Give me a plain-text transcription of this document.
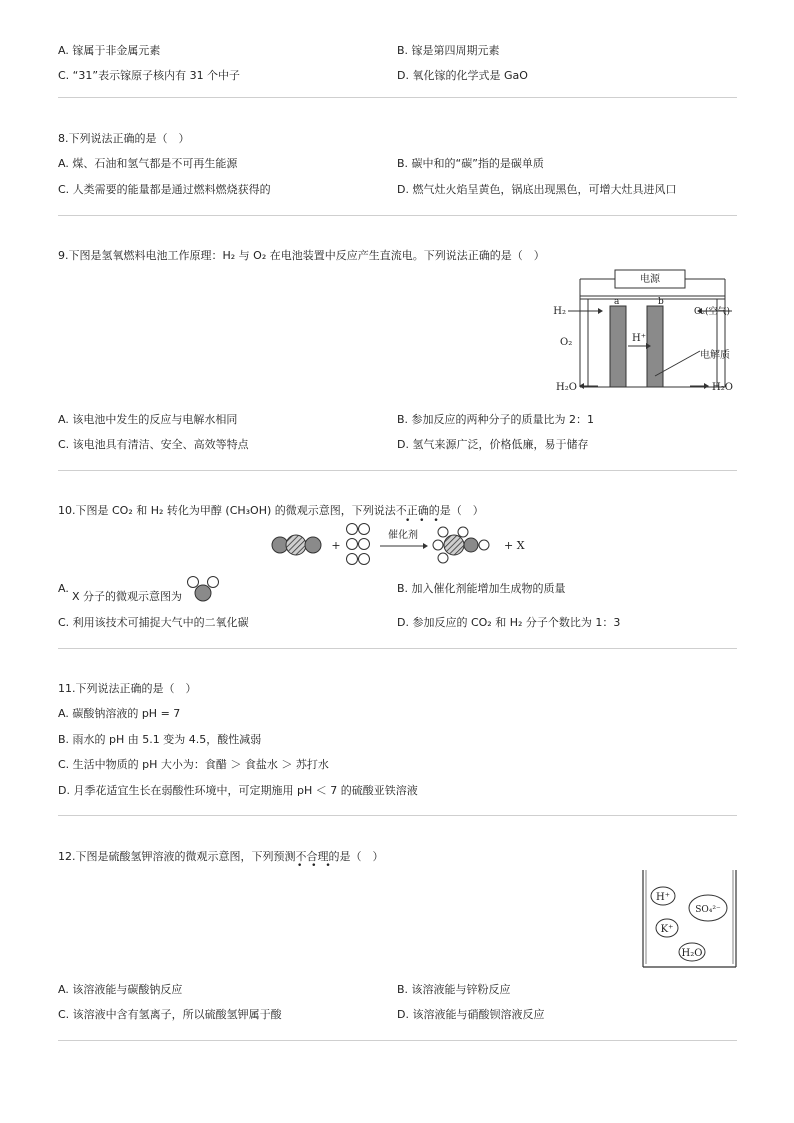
A. 镓属于非金属元素	B. 镓是第四周期元素
C. “31”表示镓原子核内有 31 个中子	D. 氧化镓的化学式是 GaO
8.下列说法正确的是（　）
A. 煤、石油和氢气都是不可再生能源	B. 碳中和的“碳”指的是碳单质
C. 人类需要的能量都是通过燃料燃烧获得的	D. 燃气灶火焰呈黄色，锅底出现黑色，可增大灶具进风口
9.下图是氢氧燃料电池工作原理：H₂ 与 O₂ 在电池装置中反应产生直流电。下列说法正确的是（　）
电源
a	b
H₂
O₂	H⁺
O₂(空气)
电解质
H₂O	H₂O
A. 该电池中发生的反应与电解水相同	B. 参加反应的两种分子的质量比为 2：1
C. 该电池具有清洁、安全、高效等特点	D. 氢气来源广泛，价格低廉，易于储存
10.下图是 CO₂ 和 H₂ 转化为甲醇 (CH₃OH) 的微观示意图，下列说法不正确的是（　）
• • •
+
催化剂
+ X
A.
X 分子的微观示意图为
B. 加入催化剂能增加生成物的质量
C. 利用该技术可捕捉大气中的二氧化碳	D. 参加反应的 CO₂ 和 H₂ 分子个数比为 1：3
11.下列说法正确的是（　）
A. 碳酸钠溶液的 pH = 7
B. 雨水的 pH 由 5.1 变为 4.5，酸性减弱
C. 生活中物质的 pH 大小为：食醋 ＞ 食盐水 ＞ 苏打水
D. 月季花适宜生长在弱酸性环境中，可定期施用 pH ＜ 7 的硫酸亚铁溶液
12.下图是硫酸氢钾溶液的微观示意图，下列预测不合理的是（　）
• • •
H⁺
SO₄²⁻
K⁺
H₂O
A. 该溶液能与碳酸钠反应	B. 该溶液能与锌粉反应
C. 该溶液中含有氢离子，所以硫酸氢钾属于酸	D. 该溶液能与硝酸钡溶液反应
